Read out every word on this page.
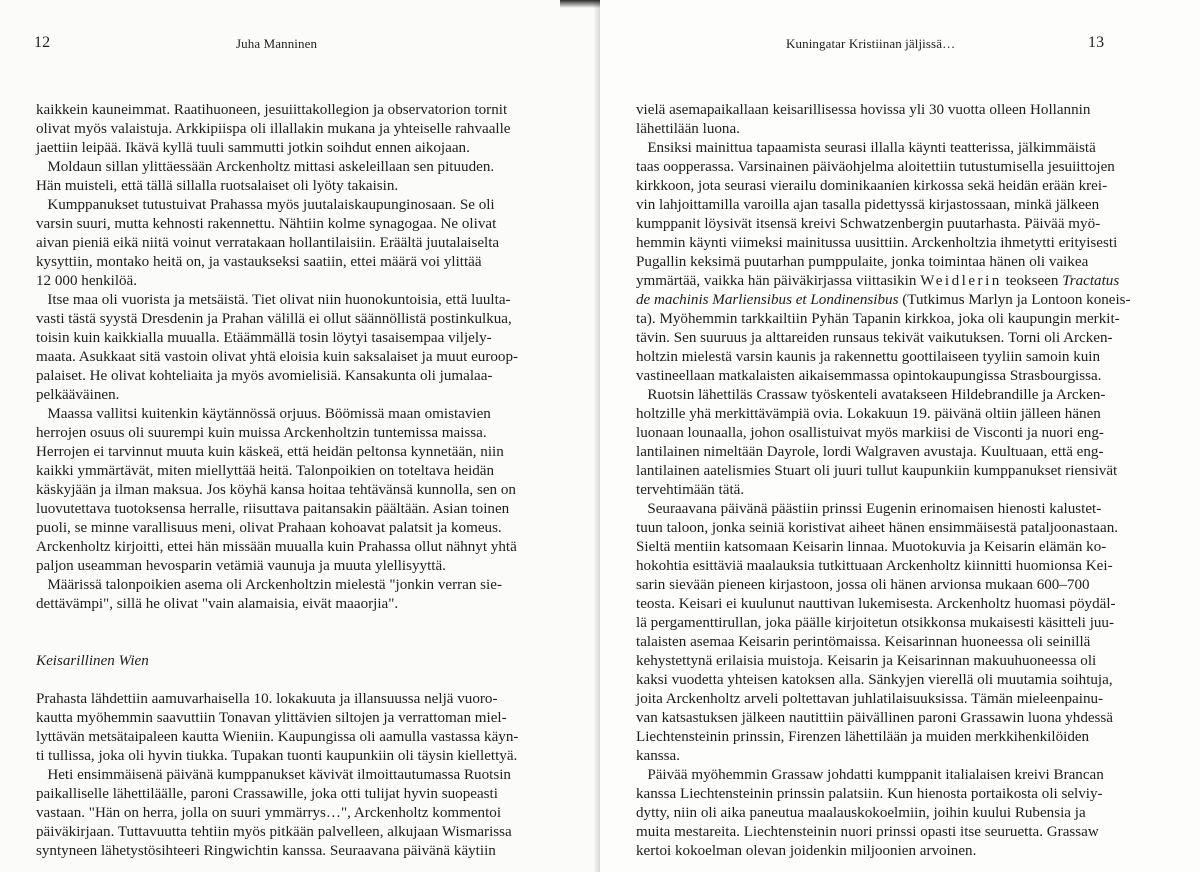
12	Juha Manninen
kaikkein kauneimmat. Raatihuoneen, jesuiittakollegion ja observatorion tornit
olivat myös valaistuja. Arkkipiispa oli illallakin mukana ja yhteiselle rahvaalle
jaettiin leipää. Ikävä kyllä tuuli sammutti jotkin soihdut ennen aikojaan.
Moldaun sillan ylittäessään Arckenholtz mittasi askeleillaan sen pituuden.
Hän muisteli, että tällä sillalla ruotsalaiset oli lyöty takaisin.
Kumppanukset tutustuivat Prahassa myös juutalaiskaupunginosaan. Se oli
varsin suuri, mutta kehnosti rakennettu. Nähtiin kolme synagogaa. Ne olivat
aivan pieniä eikä niitä voinut verratakaan hollantilaisiin. Eräältä juutalaiselta
kysyttiin, montako heitä on, ja vastaukseksi saatiin, ettei määrä voi ylittää
12 000 henkilöä.
Itse maa oli vuorista ja metsäistä. Tiet olivat niin huonokuntoisia, että luulta-
vasti tästä syystä Dresdenin ja Prahan välillä ei ollut säännöllistä postinkulkua,
toisin kuin kaikkialla muualla. Etäämmällä tosin löytyi tasaisempaa viljely-
maata. Asukkaat sitä vastoin olivat yhtä eloisia kuin saksalaiset ja muut euroop-
palaiset. He olivat kohteliaita ja myös avomielisiä. Kansakunta oli jumalaa-
pelkääväinen.
Maassa vallitsi kuitenkin käytännössä orjuus. Böömissä maan omistavien
herrojen osuus oli suurempi kuin muissa Arckenholtzin tuntemissa maissa.
Herrojen ei tarvinnut muuta kuin käskeä, että heidän peltonsa kynnetään, niin
kaikki ymmärtävät, miten miellyttää heitä. Talonpoikien on toteltava heidän
käskyjään ja ilman maksua. Jos köyhä kansa hoitaa tehtävänsä kunnolla, sen on
luovutettava tuotoksensa herralle, riisuttava paitansakin päältään. Asian toinen
puoli, se minne varallisuus meni, olivat Prahaan kohoavat palatsit ja komeus.
Arckenholtz kirjoitti, ettei hän missään muualla kuin Prahassa ollut nähnyt yhtä
paljon useamman hevosparin vetämiä vaunuja ja muuta ylellisyyttä.
Määrissä talonpoikien asema oli Arckenholtzin mielestä "jonkin verran sie-
dettävämpi", sillä he olivat "vain alamaisia, eivät maaorjia".
Keisarillinen Wien
Prahasta lähdettiin aamuvarhaisella 10. lokakuuta ja illansuussa neljä vuoro-
kautta myöhemmin saavuttiin Tonavan ylittävien siltojen ja verrattoman miel-
lyttävän metsätaipaleen kautta Wieniin. Kaupungissa oli aamulla vastassa käyn-
ti tullissa, joka oli hyvin tiukka. Tupakan tuonti kaupunkiin oli täysin kiellettyä.
Heti ensimmäisenä päivänä kumppanukset kävivät ilmoittautumassa Ruotsin
paikalliselle lähettiläälle, paroni Crassawille, joka otti tulijat hyvin suopeasti
vastaan. "Hän on herra, jolla on suuri ymmärrys…", Arckenholtz kommentoi
päiväkirjaan. Tuttavuutta tehtiin myös pitkään palvelleen, alkujaan Wismarissa
syntyneen lähetystösihteeri Ringwichtin kanssa. Seuraavana päivänä käytiin
Kuningatar Kristiinan jäljissä…	13
vielä asemapaikallaan keisarillisessa hovissa yli 30 vuotta olleen Hollannin
lähettilään luona.
Ensiksi mainittua tapaamista seurasi illalla käynti teatterissa, jälkimmäistä
taas oopperassa. Varsinainen päiväohjelma aloitettiin tutustumisella jesuiittojen
kirkkoon, jota seurasi vierailu dominikaanien kirkossa sekä heidän erään krei-
vin lahjoittamilla varoilla ajan tasalla pidettyssä kirjastossaan, minkä jälkeen
kumppanit löysivät itsensä kreivi Schwatzenbergin puutarhasta. Päivää myö-
hemmin käynti viimeksi mainitussa uusittiin. Arckenholtzia ihmetytti erityisesti
Pugallin keksimä puutarhan pumppulaite, jonka toimintaa hänen oli vaikea
ymmärtää, vaikka hän päiväkirjassa viittasikin Weidlerin teokseen Tractatus
de machinis Marliensibus et Londinensibus (Tutkimus Marlyn ja Lontoon koneis-
ta). Myöhemmin tarkkailtiin Pyhän Tapanin kirkkoa, joka oli kaupungin merkit-
tävin. Sen suuruus ja alttareiden runsaus tekivät vaikutuksen. Torni oli Arcken-
holtzin mielestä varsin kaunis ja rakennettu goottilaiseen tyyliin samoin kuin
vastineellaan matkalaisten aikaisemmassa opintokaupungissa Strasbourgissa.
Ruotsin lähettiläs Crassaw työskenteli avatakseen Hildebrandille ja Arcken-
holtzille yhä merkittävämpiä ovia. Lokakuun 19. päivänä oltiin jälleen hänen
luonaan lounaalla, johon osallistuivat myös markiisi de Visconti ja nuori eng-
lantilainen nimeltään Dayrole, lordi Walgraven avustaja. Kuultuaan, että eng-
lantilainen aatelismies Stuart oli juuri tullut kaupunkiin kumppanukset riensivät
tervehtimään tätä.
Seuraavana päivänä päästiin prinssi Eugenin erinomaisen hienosti kalustet-
tuun taloon, jonka seiniä koristivat aiheet hänen ensimmäisestä pataljoonastaan.
Sieltä mentiin katsomaan Keisarin linnaa. Muotokuvia ja Keisarin elämän ko-
hokohtia esittäviä maalauksia tutkittuaan Arckenholtz kiinnitti huomionsa Kei-
sarin sievään pieneen kirjastoon, jossa oli hänen arvionsa mukaan 600–700
teosta. Keisari ei kuulunut nauttivan lukemisesta. Arckenholtz huomasi pöydäl-
lä pergamenttirullan, joka päälle kirjoitetun otsikkonsa mukaisesti käsitteli juu-
talaisten asemaa Keisarin perintömaissa. Keisarinnan huoneessa oli seinillä
kehystettynä erilaisia muistoja. Keisarin ja Keisarinnan makuuhuoneessa oli
kaksi vuodetta yhteisen katoksen alla. Sänkyjen vierellä oli muutamia soihtuja,
joita Arckenholtz arveli poltettavan juhlatilaisuuksissa. Tämän mieleenpainu-
van katsastuksen jälkeen nautittiin päivällinen paroni Grassawin luona yhdessä
Liechtensteinin prinssin, Firenzen lähettilään ja muiden merkkihenkilöiden
kanssa.
Päivää myöhemmin Grassaw johdatti kumppanit italialaisen kreivi Brancan
kanssa Liechtensteinin prinssin palatsiin. Kun hienosta portaikosta oli selviy-
dytty, niin oli aika paneutua maalauskokoelmiin, joihin kuului Rubensia ja
muita mestareita. Liechtensteinin nuori prinssi opasti itse seuruetta. Grassaw
kertoi kokoelman olevan joidenkin miljoonien arvoinen.
